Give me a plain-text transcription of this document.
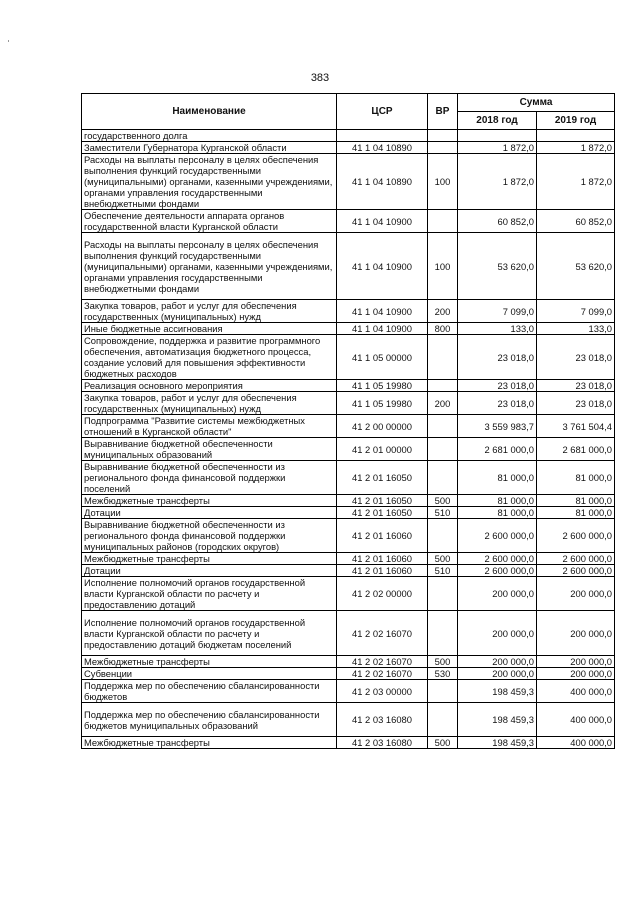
383
Наименование	ЦСР	ВР	Сумма	
			2018 год	2019 год
государственного долга				
Заместители Губернатора Курганской области	41 1 04 10890		1 872,0	1 872,0
Расходы на выплаты персоналу в целях обеспечения выполнения функций государственными (муниципальными) органами, казенными учреждениями, органами управления государственными внебюджетными фондами	41 1 04 10890	100	1 872,0	1 872,0
Обеспечение деятельности аппарата органов государственной власти Курганской области	41 1 04 10900		60 852,0	60 852,0
Расходы на выплаты персоналу в целях обеспечения выполнения функций государственными (муниципальными) органами, казенными учреждениями, органами управления государственными внебюджетными фондами	41 1 04 10900	100	53 620,0	53 620,0
Закупка товаров, работ и услуг для обеспечения государственных (муниципальных) нужд	41 1 04 10900	200	7 099,0	7 099,0
Иные бюджетные ассигнования	41 1 04 10900	800	133,0	133,0
Сопровождение, поддержка и развитие программного обеспечения, автоматизация бюджетного процесса, создание условий для повышения эффективности бюджетных расходов	41 1 05 00000		23 018,0	23 018,0
Реализация основного мероприятия	41 1 05 19980		23 018,0	23 018,0
Закупка товаров, работ и услуг для обеспечения государственных (муниципальных) нужд	41 1 05 19980	200	23 018,0	23 018,0
Подпрограмма "Развитие системы межбюджетных отношений в Курганской области"	41 2 00 00000		3 559 983,7	3 761 504,4
Выравнивание бюджетной обеспеченности муниципальных образований	41 2 01 00000		2 681 000,0	2 681 000,0
Выравнивание бюджетной обеспеченности из регионального фонда финансовой поддержки поселений	41 2 01 16050		81 000,0	81 000,0
Межбюджетные трансферты	41 2 01 16050	500	81 000,0	81 000,0
Дотации	41 2 01 16050	510	81 000,0	81 000,0
Выравнивание бюджетной обеспеченности из регионального фонда финансовой поддержки муниципальных районов (городских округов)	41 2 01 16060		2 600 000,0	2 600 000,0
Межбюджетные трансферты	41 2 01 16060	500	2 600 000,0	2 600 000,0
Дотации	41 2 01 16060	510	2 600 000,0	2 600 000,0
Исполнение полномочий органов государственной власти Курганской области по расчету и предоставлению дотаций	41 2 02 00000		200 000,0	200 000,0
Исполнение полномочий органов государственной власти Курганской области по расчету и предоставлению дотаций бюджетам поселений	41 2 02 16070		200 000,0	200 000,0
Межбюджетные трансферты	41 2 02 16070	500	200 000,0	200 000,0
Субвенции	41 2 02 16070	530	200 000,0	200 000,0
Поддержка мер по обеспечению сбалансированности бюджетов	41 2 03 00000		198 459,3	400 000,0
Поддержка мер по обеспечению сбалансированности бюджетов муниципальных образований	41 2 03 16080		198 459,3	400 000,0
Межбюджетные трансферты	41 2 03 16080	500	198 459,3	400 000,0
